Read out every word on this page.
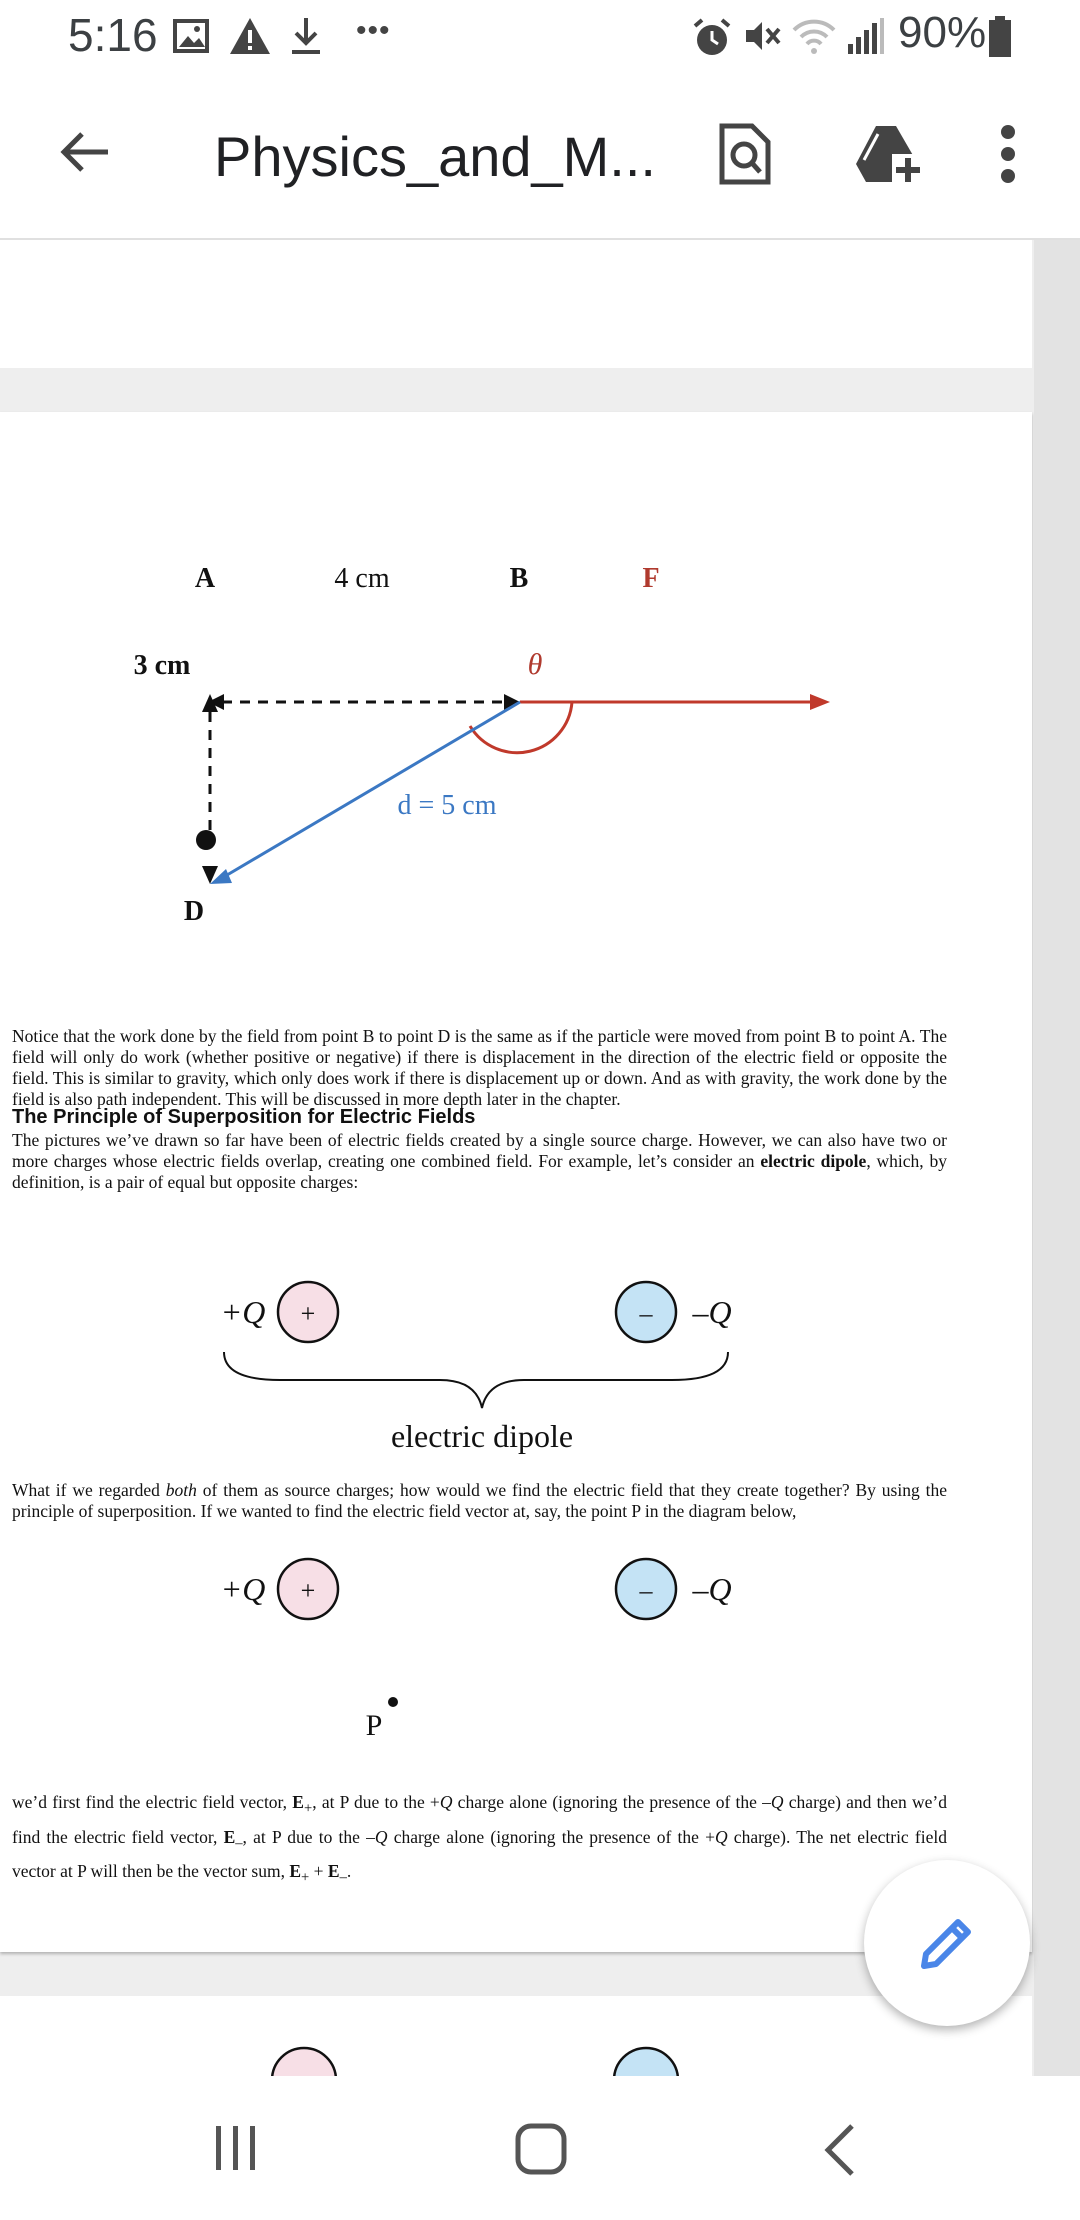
5:16	•••	90%
Physics_and_M...
A	4 cm	B	F
3 cm	θ
d = 5 cm
D

Notice that the work done by the field from point B to point D is the same as if the particle were moved from point B to point A. The field will only do work (whether positive or negative) if there is displacement in the direction of the electric field or opposite the field. This is similar to gravity, which only does work if there is displacement up or down. And as with gravity, the work done by the field is also path independent. This will be discussed in more depth later in the chapter.

The Principle of Superposition for Electric Fields

The pictures we’ve drawn so far have been of electric fields created by a single source charge. However, we can also have two or more charges whose electric fields overlap, creating one combined field. For example, let’s consider an electric dipole, which, by definition, is a pair of equal but opposite charges:

+Q +	– –Q
electric dipole

What if we regarded both of them as source charges; how would we find the electric field that they create together? By using the principle of superposition. If we wanted to find the electric field vector at, say, the point P in the diagram below,

+Q +	– –Q
P

we’d first find the electric field vector, $E_+$, at P due to the +Q charge alone (ignoring the presence of the –Q charge) and then we’d find the electric field vector, $E_-$, at P due to the –Q charge alone (ignoring the presence of the +Q charge). The net electric field vector at P will then be the vector sum, $E_+ + E_-$.
